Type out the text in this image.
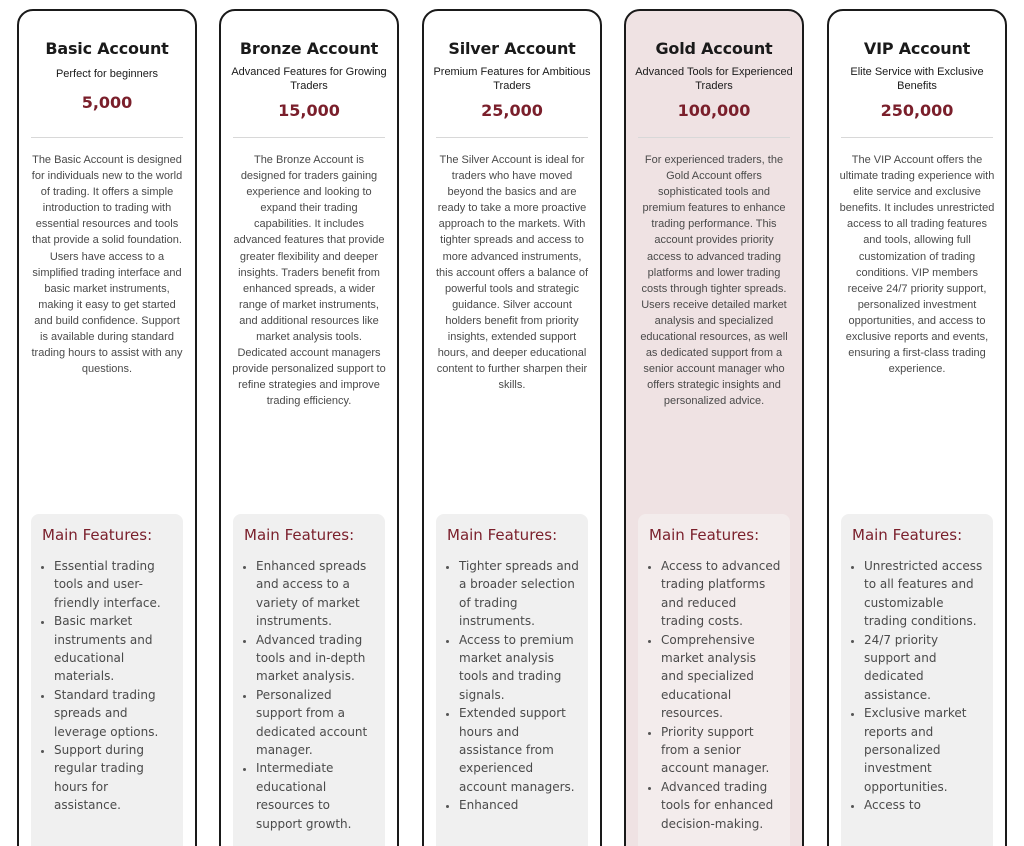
Basic Account
Perfect for beginners
5,000
The Basic Account is designed for individuals new to the world of trading. It offers a simple introduction to trading with essential resources and tools that provide a solid foundation. Users have access to a simplified trading interface and basic market instruments, making it easy to get started and build confidence. Support is available during standard trading hours to assist with any questions.
Main Features:
• Essential trading tools and user-friendly interface.
• Basic market instruments and educational materials.
• Standard trading spreads and leverage options.
• Support during regular trading hours for assistance.
Bronze Account
Advanced Features for Growing Traders
15,000
The Bronze Account is designed for traders gaining experience and looking to expand their trading capabilities. It includes advanced features that provide greater flexibility and deeper insights. Traders benefit from enhanced spreads, a wider range of market instruments, and additional resources like market analysis tools. Dedicated account managers provide personalized support to refine strategies and improve trading efficiency.
Main Features:
• Enhanced spreads and access to a variety of market instruments.
• Advanced trading tools and in-depth market analysis.
• Personalized support from a dedicated account manager.
• Intermediate educational resources to support growth.
Silver Account
Premium Features for Ambitious Traders
25,000
The Silver Account is ideal for traders who have moved beyond the basics and are ready to take a more proactive approach to the markets. With tighter spreads and access to more advanced instruments, this account offers a balance of powerful tools and strategic guidance. Silver account holders benefit from priority insights, extended support hours, and deeper educational content to further sharpen their skills.
Main Features:
• Tighter spreads and a broader selection of trading instruments.
• Access to premium market analysis tools and trading signals.
• Extended support hours and assistance from experienced account managers.
• Enhanced
Gold Account
Advanced Tools for Experienced Traders
100,000
For experienced traders, the Gold Account offers sophisticated tools and premium features to enhance trading performance. This account provides priority access to advanced trading platforms and lower trading costs through tighter spreads. Users receive detailed market analysis and specialized educational resources, as well as dedicated support from a senior account manager who offers strategic insights and personalized advice.
Main Features:
• Access to advanced trading platforms and reduced trading costs.
• Comprehensive market analysis and specialized educational resources.
• Priority support from a senior account manager.
• Advanced trading tools for enhanced decision-making.
VIP Account
Elite Service with Exclusive Benefits
250,000
The VIP Account offers the ultimate trading experience with elite service and exclusive benefits. It includes unrestricted access to all trading features and tools, allowing full customization of trading conditions. VIP members receive 24/7 priority support, personalized investment opportunities, and access to exclusive reports and events, ensuring a first-class trading experience.
Main Features:
• Unrestricted access to all features and customizable trading conditions.
• 24/7 priority support and dedicated assistance.
• Exclusive market reports and personalized investment opportunities.
• Access to
